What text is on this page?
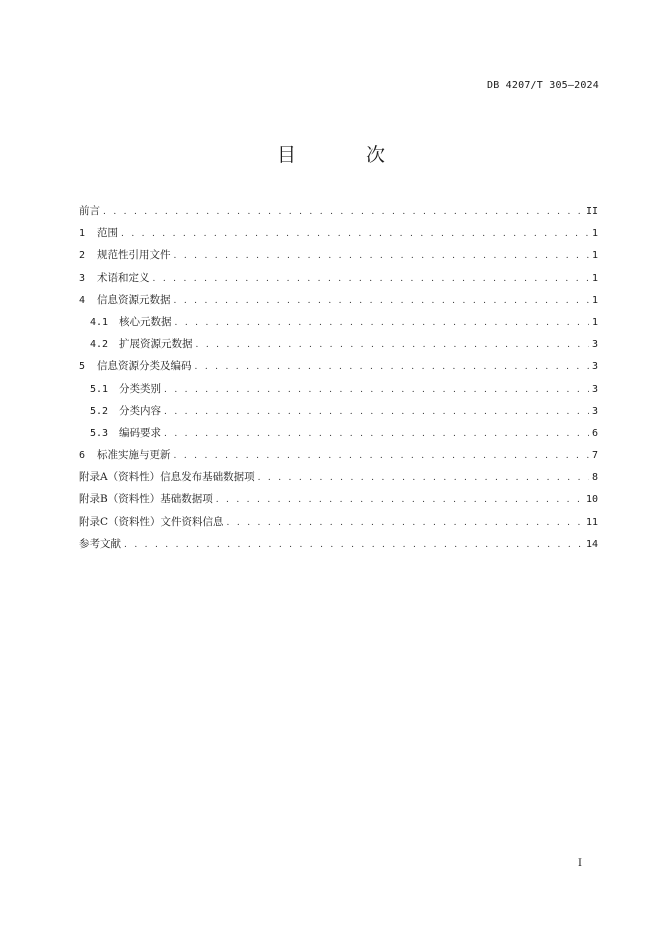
DB 4207/T 305—2024
目 次
前言 . . .	II
1	范围 . . .	1
2	规范性引用文件 . . .	1
3	术语和定义 . . .	1
4	信息资源元数据 . . .	1
4.1	核心元数据 . . .	1
4.2	扩展资源元数据 . . .	3
5	信息资源分类及编码 . . .	3
5.1	分类类别 . . .	3
5.2	分类内容 . . .	3
5.3	编码要求 . . .	6
6	标准实施与更新 . . .	7
附录A（资料性）信息发布基础数据项 . . .	8
附录B（资料性）基础数据项 . . .	10
附录C（资料性）文件资料信息 . . .	11
参考文献 . . .	14
I
